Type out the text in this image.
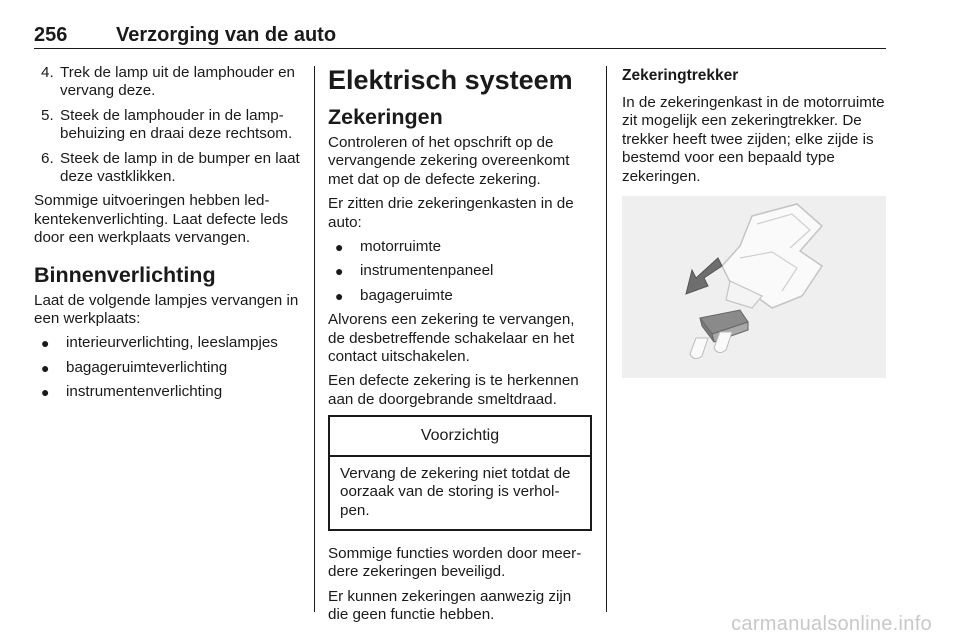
256 Verzorging van de auto
4. Trek de lamp uit de lamphouder en vervang deze.
5. Steek de lamphouder in de lampbehuizing en draai deze rechtsom.
6. Steek de lamp in de bumper en laat deze vastklikken.

Sommige uitvoeringen hebben led-kentekenverlichting. Laat defecte leds door een werkplaats vervangen.

Binnenverlichting

Laat de volgende lampjes vervangen in een werkplaats:

● interieurverlichting, leeslampjes
● bagageruimteverlichting
● instrumentenverlichting
Elektrisch systeem
Zekeringen

Controleren of het opschrift op de vervangende zekering overeenkomt met dat op de defecte zekering.

Er zitten drie zekeringenkasten in de auto:

● motorruimte
● instrumentenpaneel
● bagageruimte

Alvorens een zekering te vervangen, de desbetreffende schakelaar en het contact uitschakelen.

Een defecte zekering is te herkennen aan de doorgebrande smeltdraad.

Voorzichtig
Vervang de zekering niet totdat de oorzaak van de storing is verholpen.

Sommige functies worden door meerdere zekeringen beveiligd.

Er kunnen zekeringen aanwezig zijn die geen functie hebben.

Zekeringtrekker

In de zekeringenkast in de motorruimte zit mogelijk een zekeringtrekker. De trekker heeft twee zijden; elke zijde is bestemd voor een bepaald type zekeringen.

carmanualsonline.info
